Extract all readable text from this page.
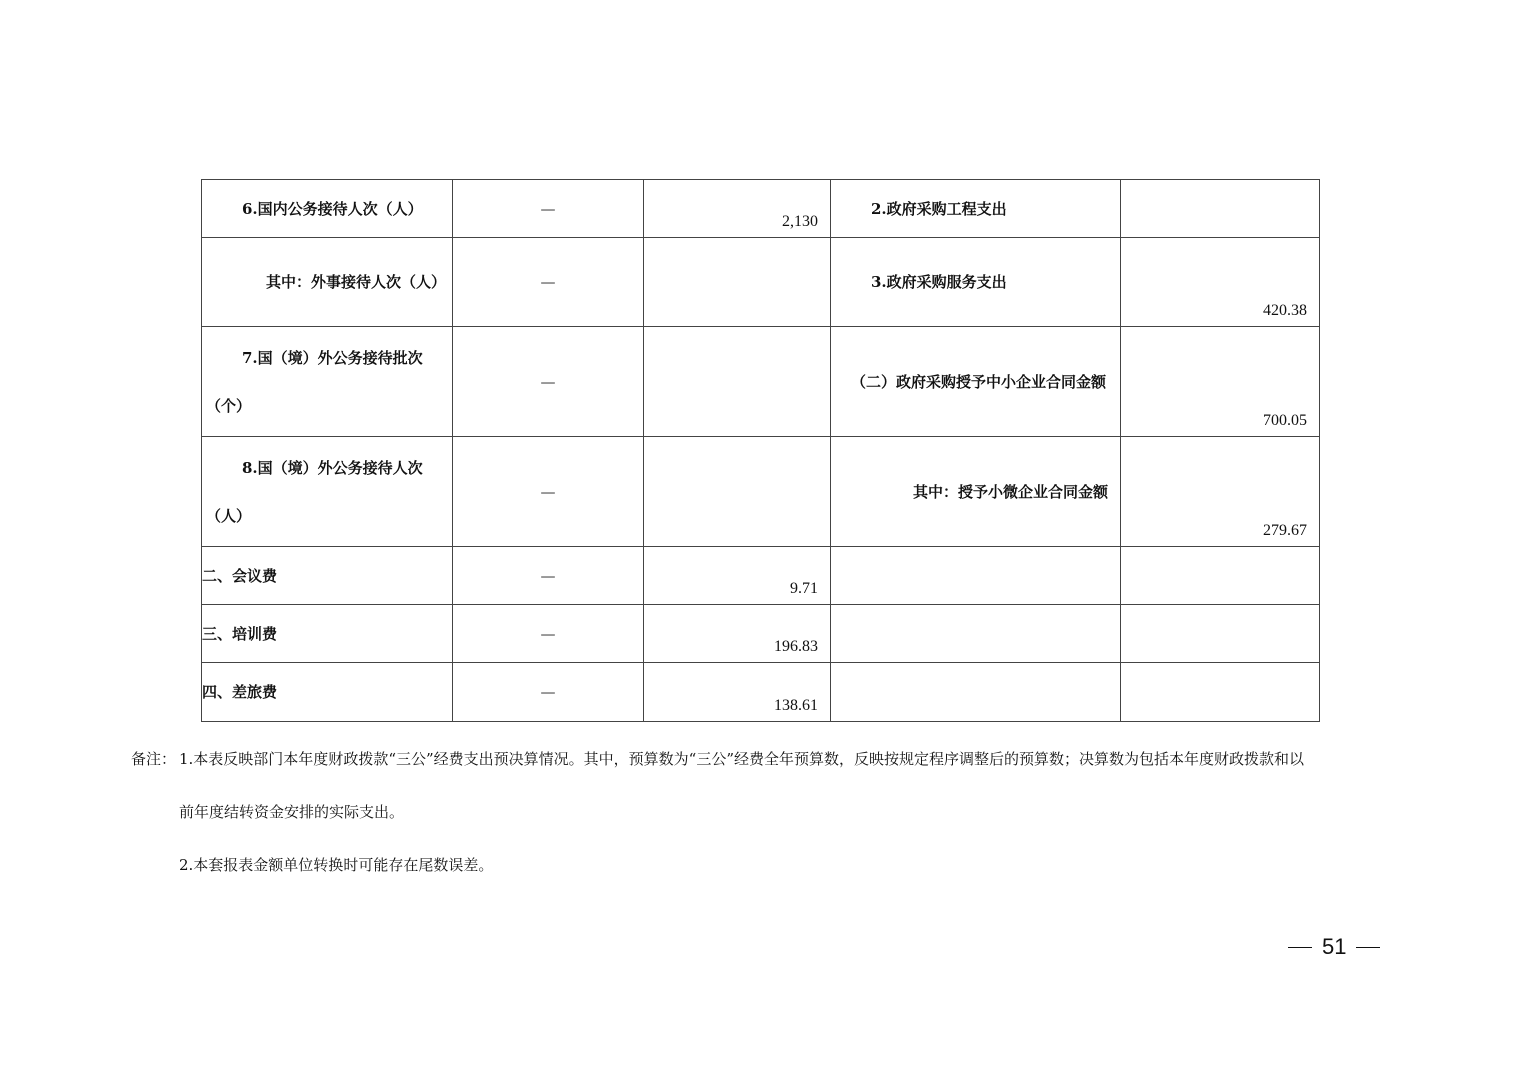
6.国内公务接待人次（人）	—	2,130	2.政府采购工程支出	

其中：外事接待人次（人）	—		3.政府采购服务支出	420.38

7.国（境）外公务接待批次
（个）	—		（二）政府采购授予中小企业合同金额	700.05

8.国（境）外公务接待人次
（人）	—		其中：授予小微企业合同金额	279.67

二、会议费	—	9.71		

三、培训费	—	196.83		

四、差旅费	—	138.61		

备注： 1.本表反映部门本年度财政拨款“三公”经费支出预决算情况。其中，预算数为“三公”经费全年预算数，反映按规定程序调整后的预算数；决算数为包括本年度财政拨款和以
前年度结转资金安排的实际支出。
2.本套报表金额单位转换时可能存在尾数误差。
51
